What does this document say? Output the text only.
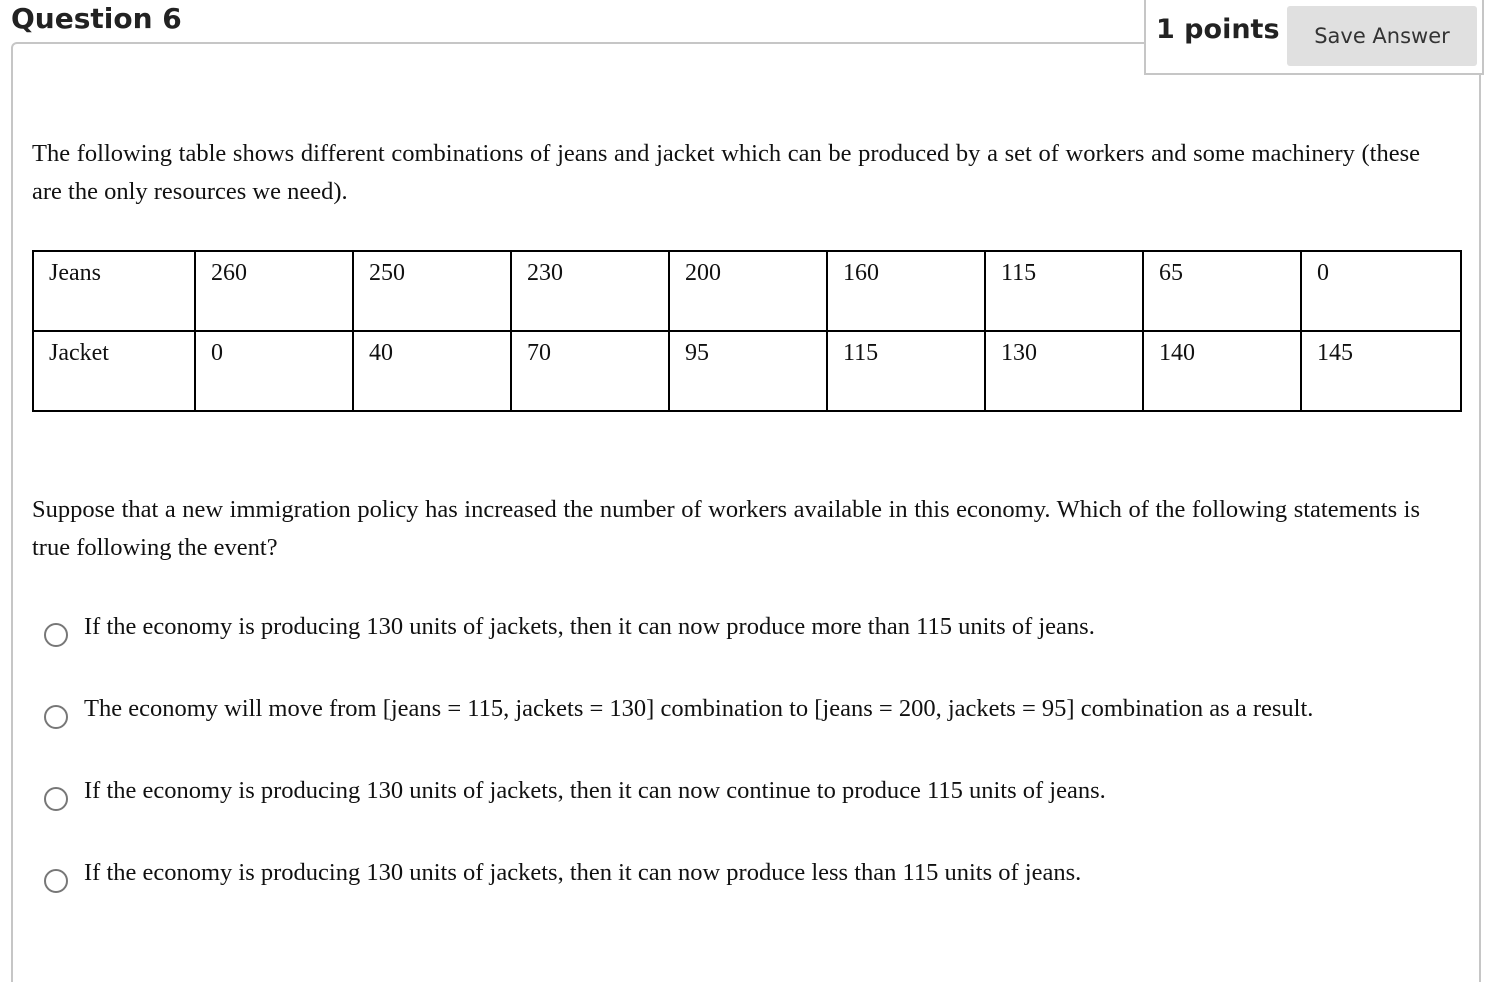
Question 6	1 points	Save Answer

The following table shows different combinations of jeans and jacket which can be produced by a set of workers and some machinery (these are the only resources we need).

Jeans	260	250	230	200	160	115	65	0
Jacket	0	40	70	95	115	130	140	145

Suppose that a new immigration policy has increased the number of workers available in this economy. Which of the following statements is true following the event?

If the economy is producing 130 units of jackets, then it can now produce more than 115 units of jeans.
The economy will move from [jeans = 115, jackets = 130] combination to [jeans = 200, jackets = 95] combination as a result.
If the economy is producing 130 units of jackets, then it can now continue to produce 115 units of jeans.
If the economy is producing 130 units of jackets, then it can now produce less than 115 units of jeans.
